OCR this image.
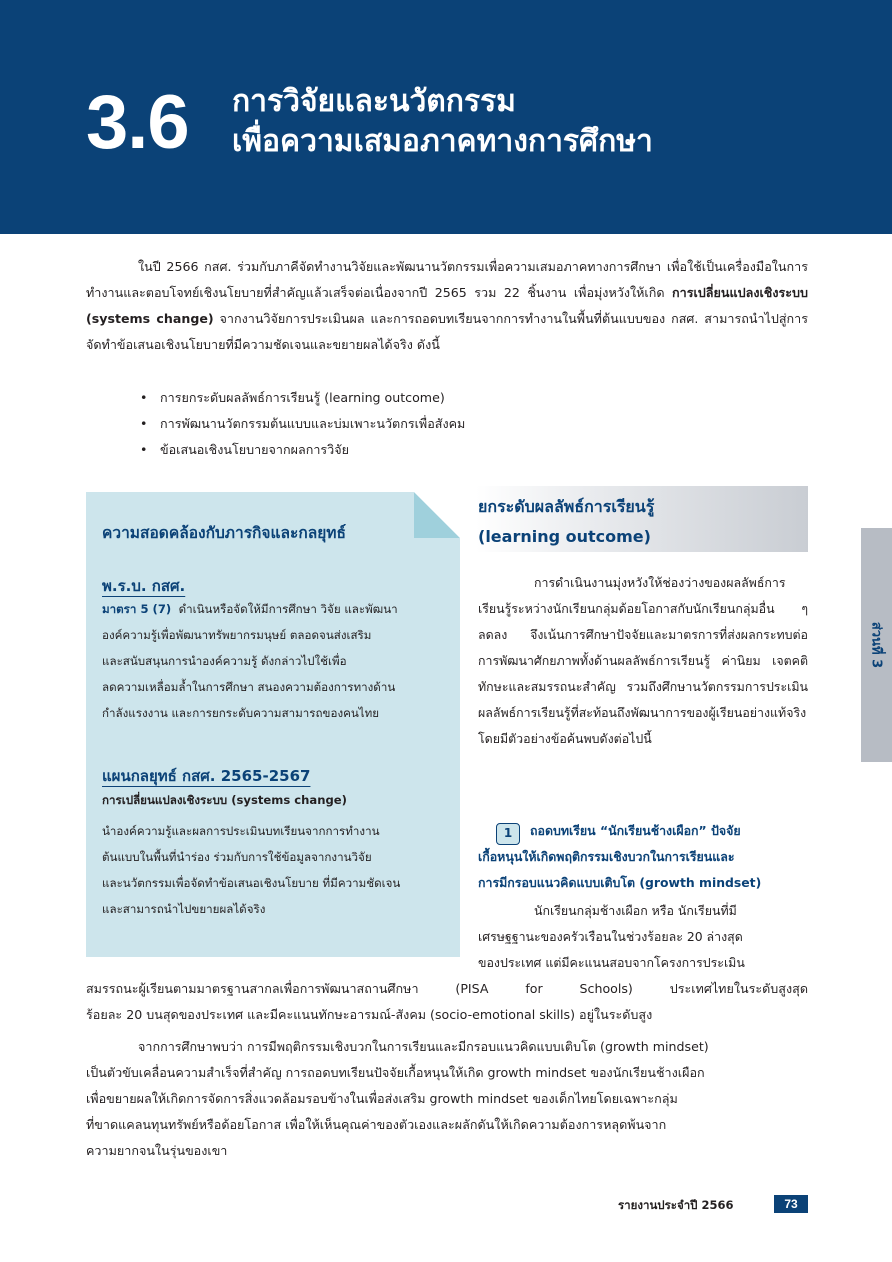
3.6 การวิจัยและนวัตกรรม
เพื่อความเสมอภาคทางการศึกษา

ในปี 2566 กสศ. ร่วมกับภาคีจัดทำงานวิจัยและพัฒนานวัตกรรมเพื่อความเสมอภาคทางการศึกษา เพื่อใช้เป็นเครื่องมือในการทำงานและตอบโจทย์เชิงนโยบายที่สำคัญแล้วเสร็จต่อเนื่องจากปี 2565 รวม 22 ชิ้นงาน เพื่อมุ่งหวังให้เกิด การเปลี่ยนแปลงเชิงระบบ (systems change) จากงานวิจัยการประเมินผล และการถอดบทเรียนจากการทำงานในพื้นที่ต้นแบบของ กสศ. สามารถนำไปสู่การจัดทำข้อเสนอเชิงนโยบายที่มีความชัดเจนและขยายผลได้จริง ดังนี้

• การยกระดับผลลัพธ์การเรียนรู้ (learning outcome)
• การพัฒนานวัตกรรมต้นแบบและบ่มเพาะนวัตกรเพื่อสังคม
• ข้อเสนอเชิงนโยบายจากผลการวิจัย
ความสอดคล้องกับภารกิจและกลยุทธ์
พ.ร.บ. กสศ.
มาตรา 5 (7) ดำเนินหรือจัดให้มีการศึกษา วิจัย และพัฒนา
องค์ความรู้เพื่อพัฒนาทรัพยากรมนุษย์ ตลอดจนส่งเสริม
และสนับสนุนการนำองค์ความรู้ ดังกล่าวไปใช้เพื่อ
ลดความเหลื่อมล้ำในการศึกษา สนองความต้องการทางด้าน
กำลังแรงงาน และการยกระดับความสามารถของคนไทย
แผนกลยุทธ์ กสศ. 2565-2567
การเปลี่ยนแปลงเชิงระบบ (systems change)
นำองค์ความรู้และผลการประเมินบทเรียนจากการทำงาน
ต้นแบบในพื้นที่นำร่อง ร่วมกับการใช้ข้อมูลจากงานวิจัย
และนวัตกรรมเพื่อจัดทำข้อเสนอเชิงนโยบาย ที่มีความชัดเจน
และสามารถนำไปขยายผลได้จริง
ยกระดับผลลัพธ์การเรียนรู้
(learning outcome)

การดำเนินงานมุ่งหวังให้ช่องว่างของผลลัพธ์การเรียนรู้ระหว่างนักเรียนกลุ่มด้อยโอกาสกับนักเรียนกลุ่มอื่น ๆ ลดลง จึงเน้นการศึกษาปัจจัยและมาตรการที่ส่งผลกระทบต่อการพัฒนาศักยภาพทั้งด้านผลลัพธ์การเรียนรู้ ค่านิยม เจตคติ ทักษะและสมรรถนะสำคัญ รวมถึงศึกษานวัตกรรมการประเมินผลลัพธ์การเรียนรู้ที่สะท้อนถึงพัฒนาการของผู้เรียนอย่างแท้จริง โดยมีตัวอย่างข้อค้นพบดังต่อไปนี้

1	ถอดบทเรียน “นักเรียนช้างเผือก” ปัจจัย
เกื้อหนุนให้เกิดพฤติกรรมเชิงบวกในการเรียนและ
การมีกรอบแนวคิดแบบเติบโต (growth mindset)
นักเรียนกลุ่มช้างเผือก หรือ นักเรียนที่มี
เศรษฐฐานะของครัวเรือนในช่วงร้อยละ 20 ล่างสุด
ของประเทศ แต่มีคะแนนสอบจากโครงการประเมิน
สมรรถนะผู้เรียนตามมาตรฐานสากลเพื่อการพัฒนาสถานศึกษา (PISA for Schools) ประเทศไทยในระดับสูงสุด
ร้อยละ 20 บนสุดของประเทศ และมีคะแนนทักษะอารมณ์-สังคม (socio-emotional skills) อยู่ในระดับสูง
จากการศึกษาพบว่า การมีพฤติกรรมเชิงบวกในการเรียนและมีกรอบแนวคิดแบบเติบโต (growth mindset)
เป็นตัวขับเคลื่อนความสำเร็จที่สำคัญ การถอดบทเรียนปัจจัยเกื้อหนุนให้เกิด growth mindset ของนักเรียนช้างเผือก
เพื่อขยายผลให้เกิดการจัดการสิ่งแวดล้อมรอบข้างในเพื่อส่งเสริม growth mindset ของเด็กไทยโดยเฉพาะกลุ่ม
ที่ขาดแคลนทุนทรัพย์หรือด้อยโอกาส เพื่อให้เห็นคุณค่าของตัวเองและผลักดันให้เกิดความต้องการหลุดพ้นจาก
ความยากจนในรุ่นของเขา
ส่วนที่ 3
รายงานประจำปี 2566	73
